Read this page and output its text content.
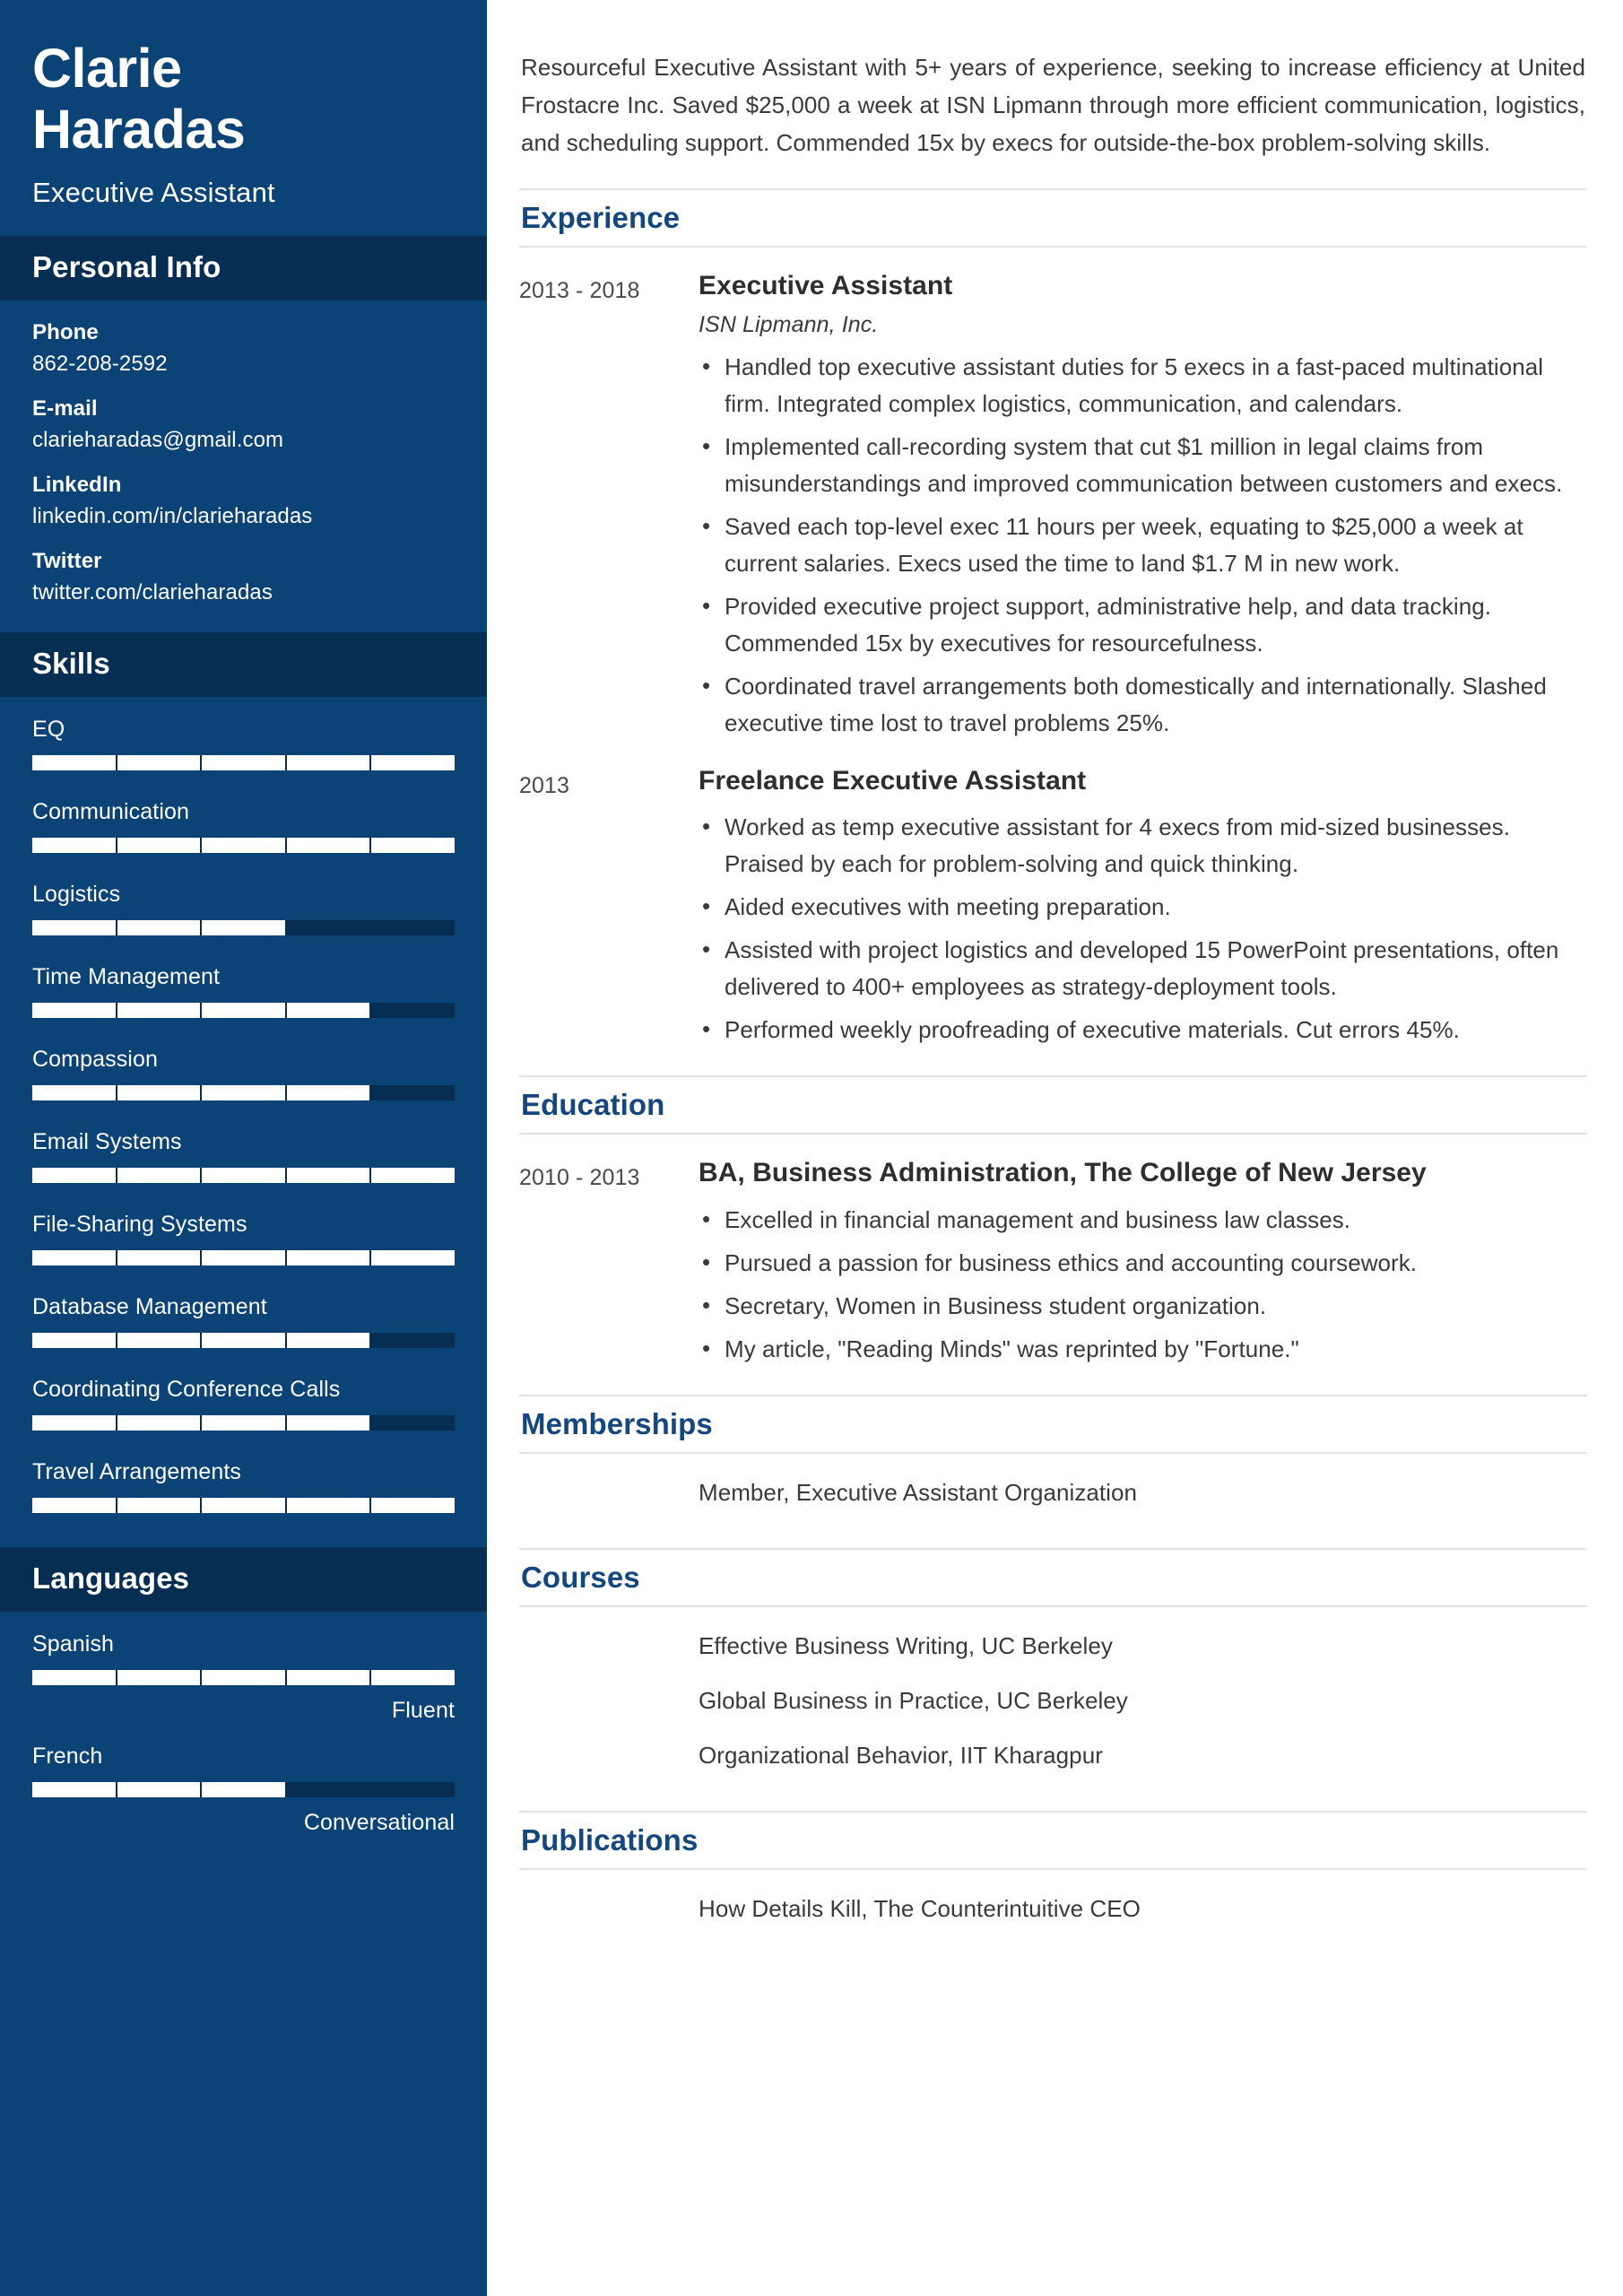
Clarie
Haradas
Executive Assistant
Personal Info
Phone
862-208-2592
E-mail
clarieharadas@gmail.com
LinkedIn
linkedin.com/in/clarieharadas
Twitter
twitter.com/clarieharadas
Skills
EQ
Communication
Logistics
Time Management
Compassion
Email Systems
File-Sharing Systems
Database Management
Coordinating Conference Calls
Travel Arrangements
Languages
Spanish
Fluent
French
Conversational
Resourceful Executive Assistant with 5+ years of experience, seeking to increase efficiency at United Frostacre Inc. Saved $25,000 a week at ISN Lipmann through more efficient communication, logistics, and scheduling support. Commended 15x by execs for outside-the-box problem-solving skills.
Experience
2013 - 2018	Executive Assistant
ISN Lipmann, Inc.
• Handled top executive assistant duties for 5 execs in a fast-paced multinational firm. Integrated complex logistics, communication, and calendars.
• Implemented call-recording system that cut $1 million in legal claims from misunderstandings and improved communication between customers and execs.
• Saved each top-level exec 11 hours per week, equating to $25,000 a week at current salaries. Execs used the time to land $1.7 M in new work.
• Provided executive project support, administrative help, and data tracking. Commended 15x by executives for resourcefulness.
• Coordinated travel arrangements both domestically and internationally. Slashed executive time lost to travel problems 25%.
2013	Freelance Executive Assistant
• Worked as temp executive assistant for 4 execs from mid-sized businesses. Praised by each for problem-solving and quick thinking.
• Aided executives with meeting preparation.
• Assisted with project logistics and developed 15 PowerPoint presentations, often delivered to 400+ employees as strategy-deployment tools.
• Performed weekly proofreading of executive materials. Cut errors 45%.
Education
2010 - 2013	BA, Business Administration, The College of New Jersey
• Excelled in financial management and business law classes.
• Pursued a passion for business ethics and accounting coursework.
• Secretary, Women in Business student organization.
• My article, "Reading Minds" was reprinted by "Fortune."
Memberships
Member, Executive Assistant Organization
Courses
Effective Business Writing, UC Berkeley
Global Business in Practice, UC Berkeley
Organizational Behavior, IIT Kharagpur
Publications
How Details Kill, The Counterintuitive CEO
